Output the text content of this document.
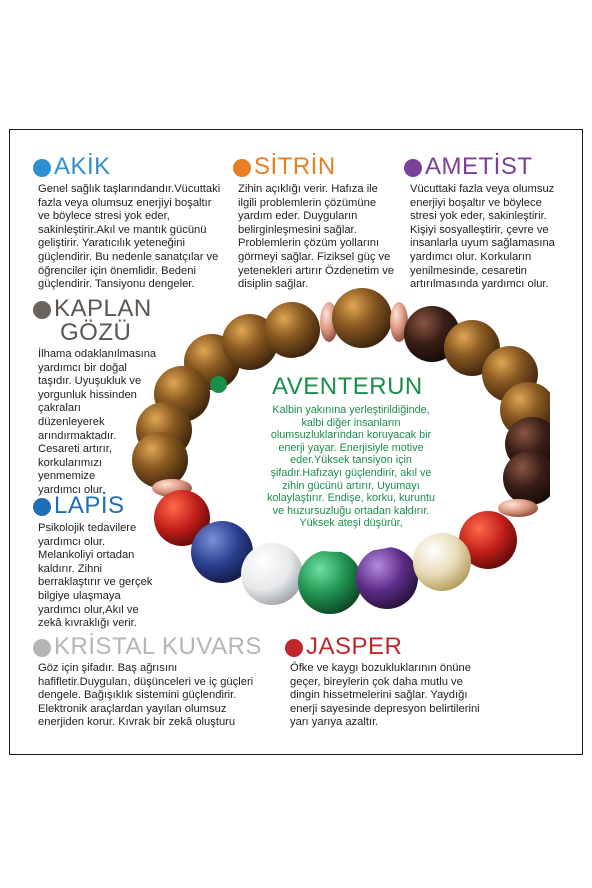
AKİK

Genel sağlık taşlarındandır.Vücuttaki

fazla veya olumsuz enerjiyi boşaltır

ve böylece stresi yok eder,

sakinleştirir.Akıl ve mantık gücünü

geliştirir. Yaratıcılık yeteneğini

güçlendirir. Bu nedenle sanatçılar ve

öğrenciler için önemlidir. Bedeni

güçlendirir. Tansiyonu dengeler.

SİTRİN

Zihin açıklığı verir. Hafıza ile

ilgili problemlerin çözümüne

yardım eder. Duyguların

belirginleşmesini sağlar.

Problemlerin çözüm yollarını

görmeyi sağlar. Fiziksel güç ve

yetenekleri artırır Özdenetim ve

disiplin sağlar.

AMETİST

Vücuttaki fazla veya olumsuz

enerjiyi boşaltır ve böylece

stresi yok eder, sakinleştirir.

Kişiyi sosyalleştirir, çevre ve

insanlarla uyum sağlamasına

yardımcı olur. Korkuların

yenilmesinde, cesaretin

artırılmasında yardımcı olur.

KAPLAN
GÖZÜ

İlhama odaklanılmasına

yardımcı bir doğal

taşıdır. Uyuşukluk ve

yorgunluk hissinden

çakraları

düzenleyerek

arındırmaktadır.

Cesareti artırır,

korkularımızı

yenmemize

yardımcı olur.

LAPİS

Psikolojik tedavilere

yardımcı olur.

Melankoliyi ortadan

kaldırır. Zihni

berraklaştırır ve gerçek

bilgiye ulaşmaya

yardımcı olur,Akıl ve

zekâ kıvraklığı verir.

AVENTERUN

Kalbin yakınına yerleştirildiğinde,

kalbi diğer insanların

olumsuzluklarından koruyacak bir

enerji yayar. Enerjisiyle motive

eder.Yüksek tansiyon için

şifadır.Hafızayı güçlendirir, akıl ve

zihin gücünü artırır, Uyumayı

kolaylaştırır. Endişe, korku, kuruntu

ve huzursuzluğu ortadan kaldırır.

Yüksek ateşi düşürür,

KRİSTAL KUVARS

Göz için şifadır. Baş ağrısını

hafifletir.Duyguları, düşünceleri ve iç güçleri

dengele. Bağışıklık sistemini güçlendirir.

Elektronik araçlardan yayılan olumsuz

enerjiden korur. Kıvrak bir zekâ oluşturu

JASPER

Öfke ve kaygı bozukluklarının önüne

geçer, bireylerin çok daha mutlu ve

dingin hissetmelerini sağlar. Yaydığı

enerji sayesinde depresyon belirtilerini

yarı yarıya azaltır.
